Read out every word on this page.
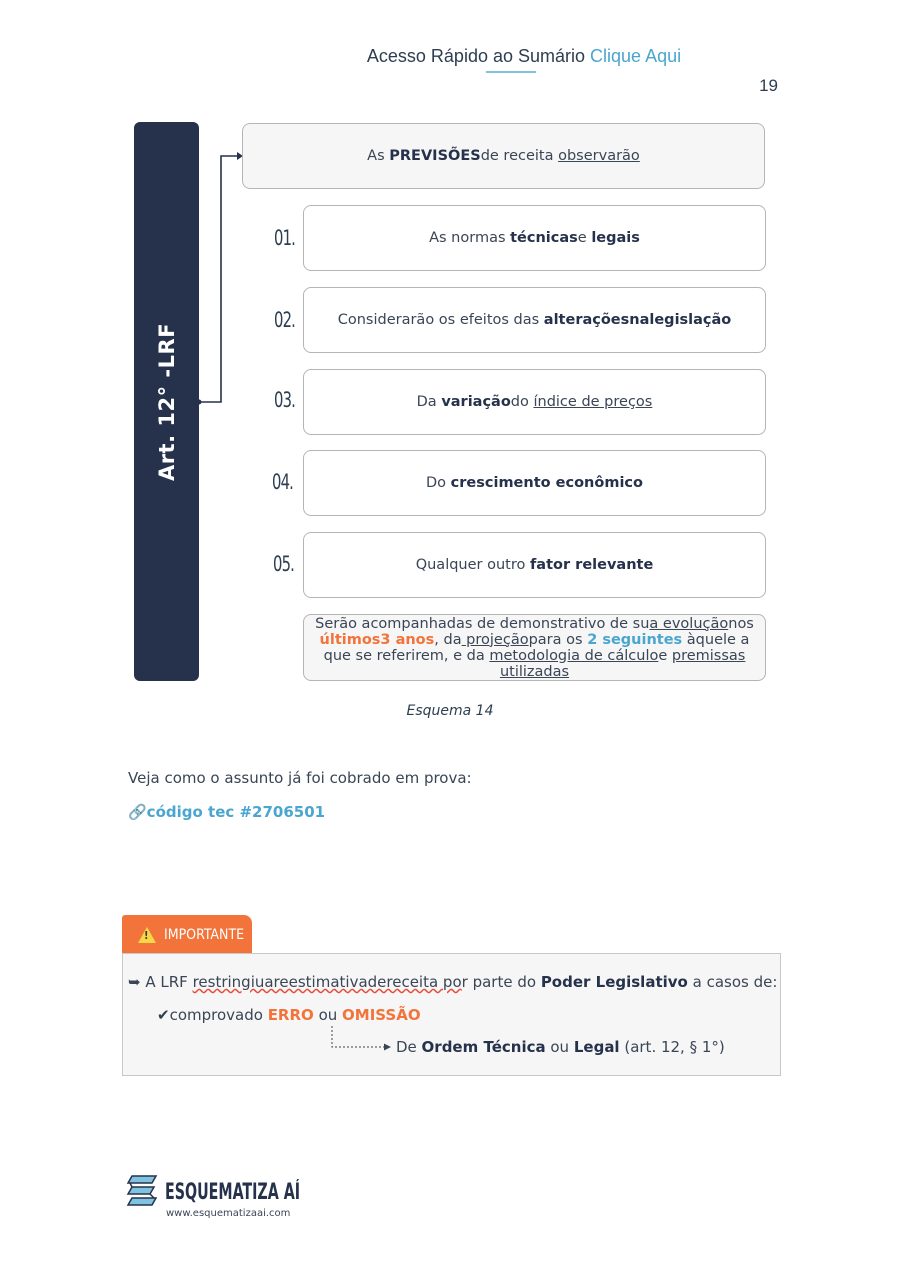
Acesso Rápido ao Sumário Clique Aqui
19
Art. 12° -LRF
As PREVISÕESde receita observarão
01.	As normas técnicase legais
02.	Considerarão os efeitos das alteraçõesnalegislação
03.	Da variaçãodo índice de preços
04.	Do crescimento econômico
05.	Qualquer outro fator relevante
Serão acompanhadas de demonstrativo de sua evoluçãonos últimos3 anos, da projeçãopara os 2 seguintes àquele a que se referirem, e da metodologia de cálculoe premissas utilizadas
Esquema 14
Veja como o assunto já foi cobrado em prova:
🔗código tec #2706501
!
IMPORTANTE
➥ A LRF restringiuareestimativadereceita por parte do Poder Legislativo a casos de:
✔comprovado ERRO ou OMISSÃO
De Ordem Técnica ou Legal (art. 12, § 1°)
ESQUEMATIZA AÍ
www.esquematizaai.com
